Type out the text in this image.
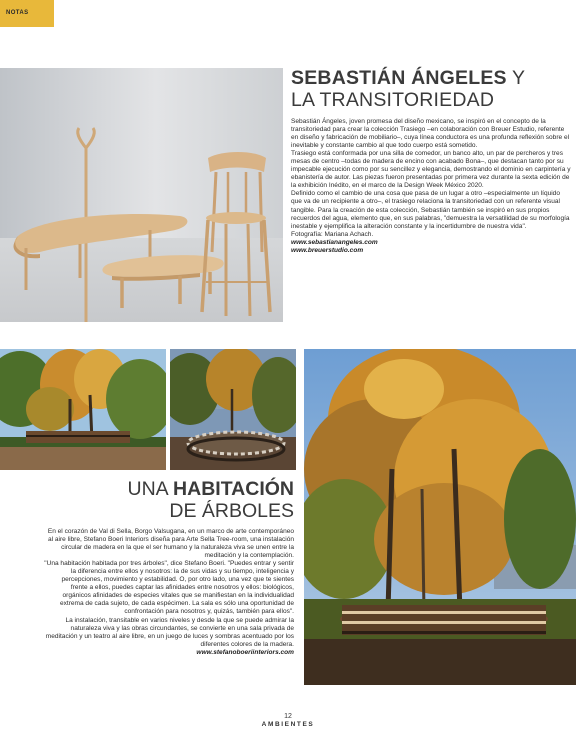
NOTAS
SEBASTIÁN ÁNGELES Y
LA TRANSITORIEDAD

Sebastián Ángeles, joven promesa del diseño mexicano, se inspiró en el concepto de la transitoriedad para crear la colección Trasiego –en colaboración con Breuer Estudio, referente en diseño y fabricación de mobiliario–, cuya línea conductora es una profunda reflexión sobre el inevitable y constante cambio al que todo cuerpo está sometido.

Trasiego está conformada por una silla de comedor, un banco alto, un par de percheros y tres mesas de centro –todas de madera de encino con acabado Bona–, que destacan tanto por su impecable ejecución como por su sencillez y elegancia, demostrando el dominio en carpintería y ebanistería de autor. Las piezas fueron presentadas por primera vez durante la sexta edición de la exhibición Inédito, en el marco de la Design Week México 2020.

Definido como el cambio de una cosa que pasa de un lugar a otro –especialmente un líquido que va de un recipiente a otro–, el trasiego relaciona la transitoriedad con un referente visual tangible. Para la creación de esta colección, Sebastián también se inspiró en sus propios recuerdos del agua, elemento que, en sus palabras, "demuestra la versatilidad de su morfología inestable y ejemplifica la alteración constante y la incertidumbre de nuestra vida".

Fotografía: Mariana Achach.

www.sebastianangeles.com

www.breuerstudio.com

UNA HABITACIÓN
DE ÁRBOLES

En el corazón de Val di Sella, Borgo Valsugana, en un marco de arte contemporáneo al aire libre, Stefano Boeri Interiors diseña para Arte Sella Tree-room, una instalación circular de madera en la que el ser humano y la naturaleza viva se unen entre la meditación y la contemplación.

"Una habitación habitada por tres árboles", dice Stefano Boeri. "Puedes entrar y sentir la diferencia entre ellos y nosotros: la de sus vidas y su tiempo, inteligencia y percepciones, movimiento y estabilidad. O, por otro lado, una vez que te sientes frente a ellos, puedes captar las afinidades entre nosotros y ellos: biológicos, orgánicos afinidades de especies vitales que se manifiestan en la individualidad extrema de cada sujeto, de cada espécimen. La sala es sólo una oportunidad de confrontación para nosotros y, quizás, también para ellos".

La instalación, transitable en varios niveles y desde la que se puede admirar la naturaleza viva y las obras circundantes, se convierte en una sala privada de meditación y un teatro al aire libre, en un juego de luces y sombras acentuado por los diferentes colores de la madera.

www.stefanoboeriinteriors.com

12
AMBIENTES
